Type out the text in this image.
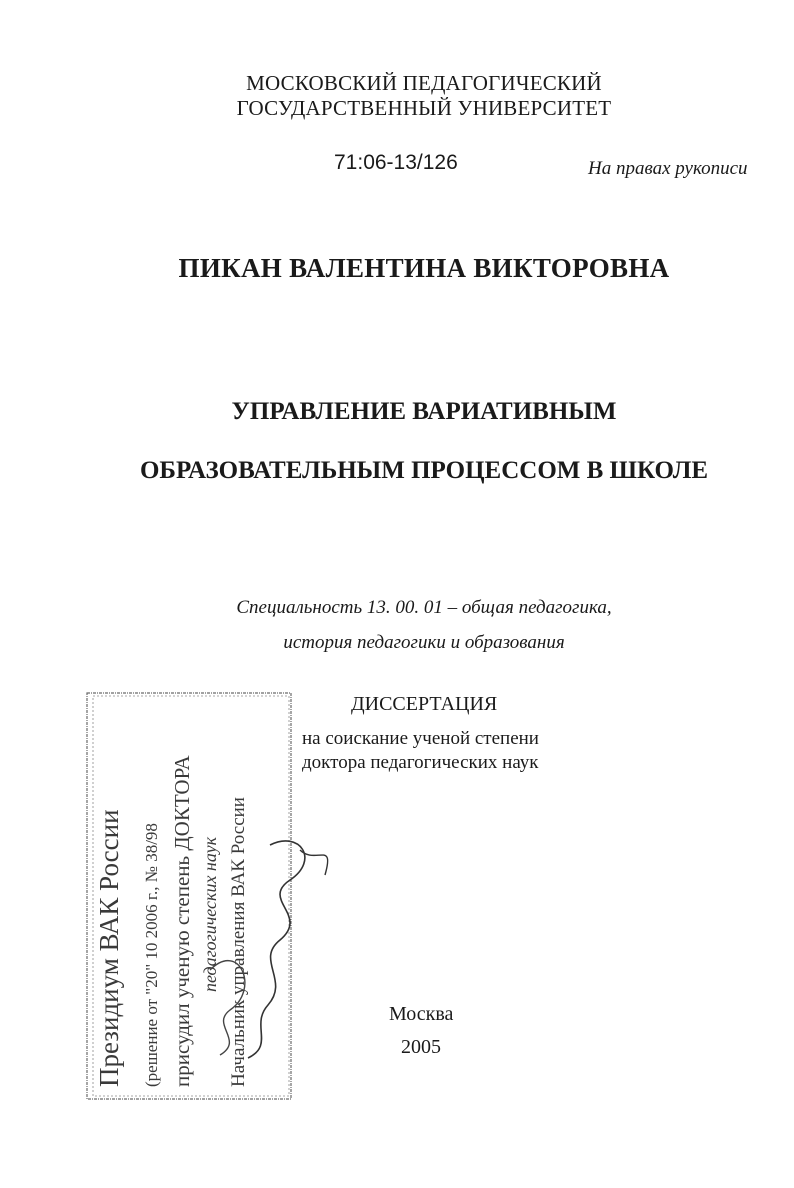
МОСКОВСКИЙ ПЕДАГОГИЧЕСКИЙ
ГОСУДАРСТВЕННЫЙ УНИВЕРСИТЕТ
71:06-13/126	На правах рукописи
ПИКАН ВАЛЕНТИНА ВИКТОРОВНА
УПРАВЛЕНИЕ ВАРИАТИВНЫМ
ОБРАЗОВАТЕЛЬНЫМ ПРОЦЕССОМ В ШКОЛЕ
Специальность 13. 00. 01 – общая педагогика,
история педагогики и образования
ДИССЕРТАЦИЯ
на соискание ученой степени
доктора педагогических наук
Москва
2005
Президиум ВАК России (решение от "20" 10 2006 г., № 38/98 присудил ученую степень ДОКТОРА педагогических наук Начальник управления ВАК России
